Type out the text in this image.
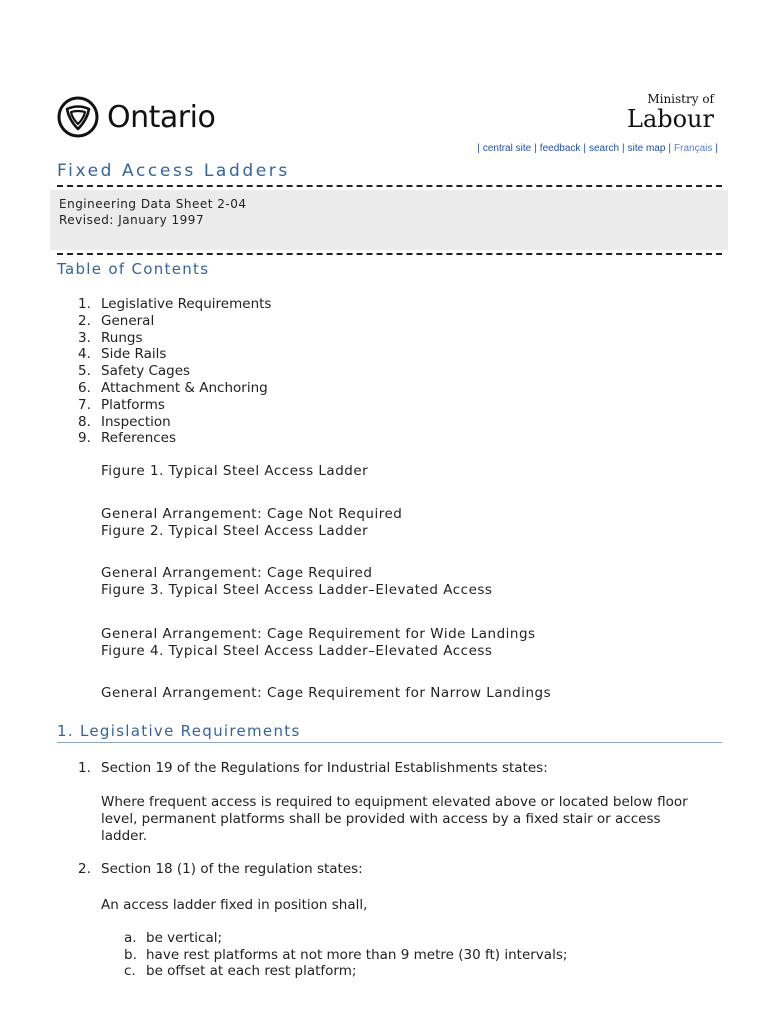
Ontario
Ministry of
Labour
| central site | feedback | search | site map | Français |
Fixed Access Ladders
Engineering Data Sheet 2-04
Revised: January 1997
Table of Contents
1. Legislative Requirements
2. General
3. Rungs
4. Side Rails
5. Safety Cages
6. Attachment & Anchoring
7. Platforms
8. Inspection
9. References
Figure 1. Typical Steel Access Ladder
General Arrangement: Cage Not Required
Figure 2. Typical Steel Access Ladder
General Arrangement: Cage Required
Figure 3. Typical Steel Access Ladder–Elevated Access
General Arrangement: Cage Requirement for Wide Landings
Figure 4. Typical Steel Access Ladder–Elevated Access
General Arrangement: Cage Requirement for Narrow Landings
1. Legislative Requirements
1. Section 19 of the Regulations for Industrial Establishments states:
Where frequent access is required to equipment elevated above or located below floor level, permanent platforms shall be provided with access by a fixed stair or access ladder.
2. Section 18 (1) of the regulation states:
An access ladder fixed in position shall,
a. be vertical;
b. have rest platforms at not more than 9 metre (30 ft) intervals;
c. be offset at each rest platform;
